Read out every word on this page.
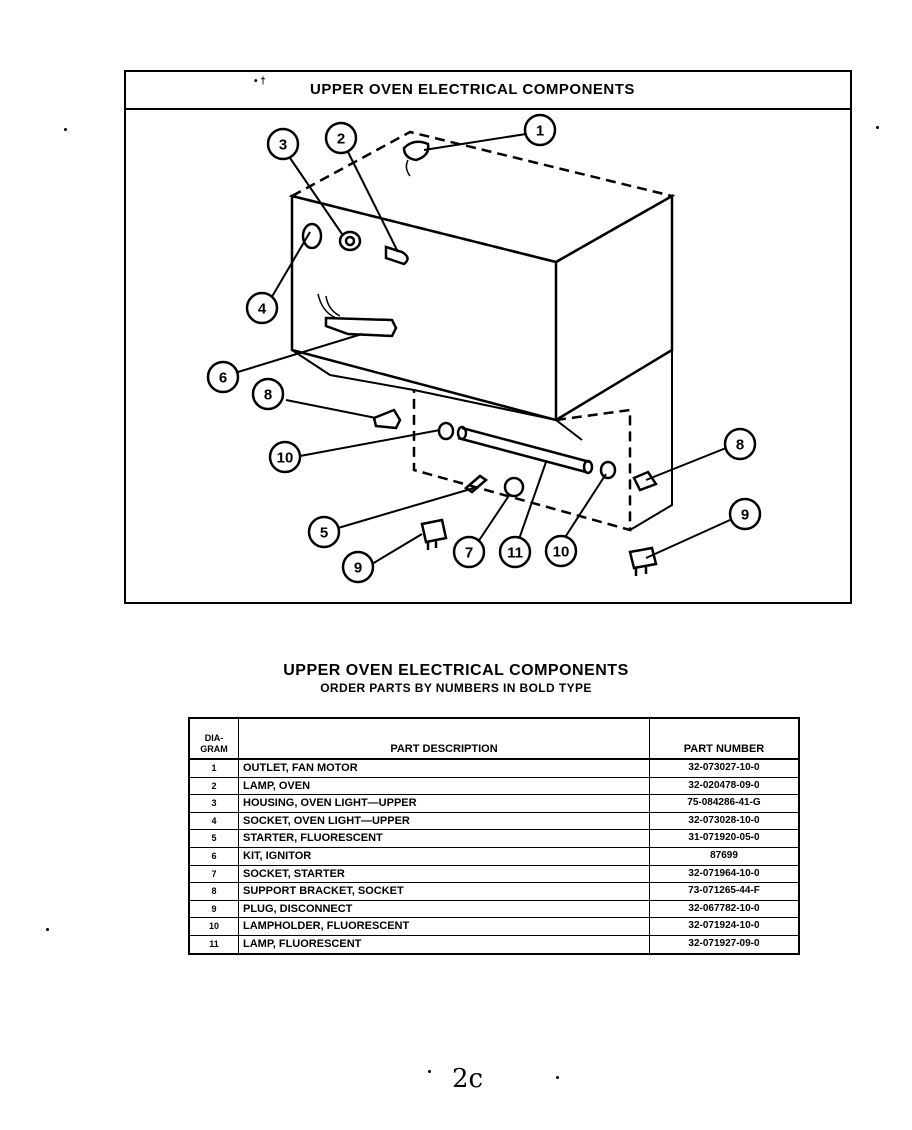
• †	UPPER OVEN ELECTRICAL COMPONENTS
1
2
3
4
6
8
10
8
9
5
9
7 11 10
UPPER OVEN ELECTRICAL COMPONENTS
ORDER PARTS BY NUMBERS IN BOLD TYPE
DIA-
GRAM	PART DESCRIPTION	PART NUMBER
1	OUTLET, FAN MOTOR	32-073027-10-0
2	LAMP, OVEN	32-020478-09-0
3	HOUSING, OVEN LIGHT—UPPER	75-084286-41-G
4	SOCKET, OVEN LIGHT—UPPER	32-073028-10-0
5	STARTER, FLUORESCENT	31-071920-05-0
6	KIT, IGNITOR	87699
7	SOCKET, STARTER	32-071964-10-0
8	SUPPORT BRACKET, SOCKET	73-071265-44-F
9	PLUG, DISCONNECT	32-067782-10-0
10	LAMPHOLDER, FLUORESCENT	32-071924-10-0
11	LAMP, FLUORESCENT	32-071927-09-0
2с
